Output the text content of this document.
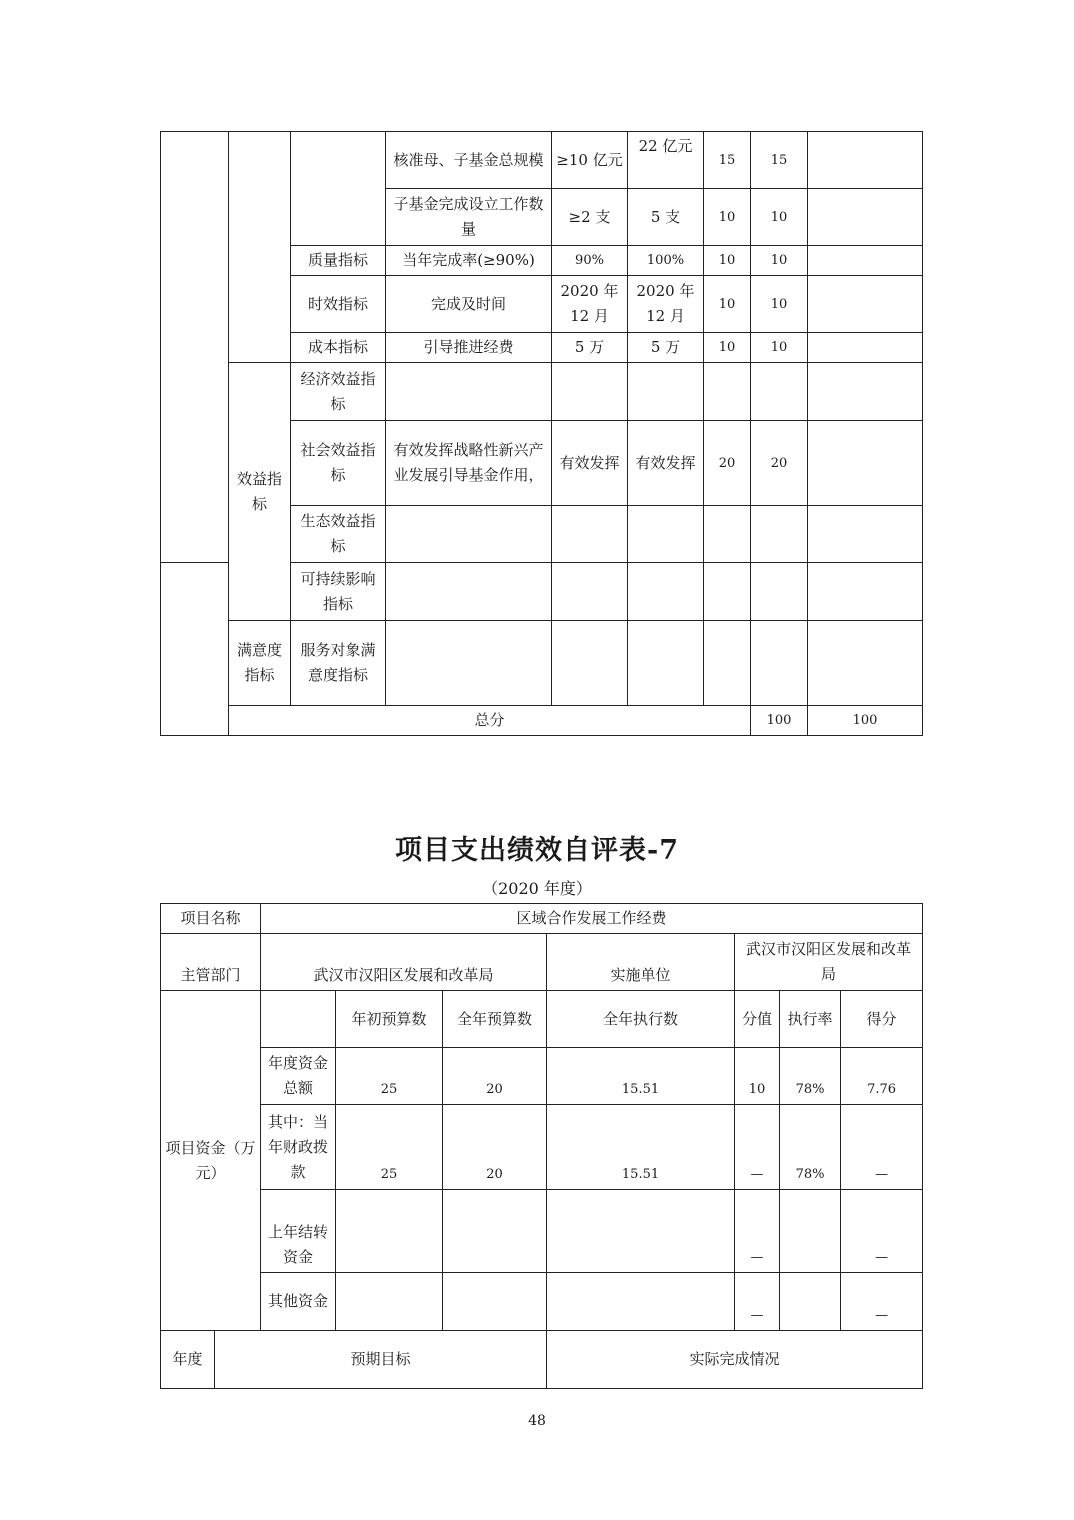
			核准母、子基金总规模	≥10 亿元	22 亿元	15	15		
			子基金完成设立工作数量	≥2 支	5 支	10	10		
		质量指标	当年完成率(≥90%)	90%	100%	10	10		
		时效指标	完成及时间	2020 年12 月	2020 年12 月	10	10		
		成本指标	引导推进经费	5 万	5 万	10	10		
	效益指标	经济效益指标							
		社会效益指标	有效发挥战略性新兴产业发展引导基金作用，	有效发挥	有效发挥	20	20		
		生态效益指标							
		可持续影响指标							
	满意度指标	服务对象满意度指标							
	总分						100	100	
项目支出绩效自评表-7

（2020 年度）

项目名称		区域合作发展工作经费						
主管部门		武汉市汉阳区发展和改革局			实施单位	武汉市汉阳区发展和改革局		
项目资金（万元）			年初预算数	全年预算数	全年执行数	分值	执行率	得分
		年度资金总额	25	20	15.51	10	78%	7.76
		其中：当年财政拨款	25	20	15.51	—	78%	—
		上年结转资金				—		—
		其他资金				—		—
年度	预期目标				实际完成情况			
48
